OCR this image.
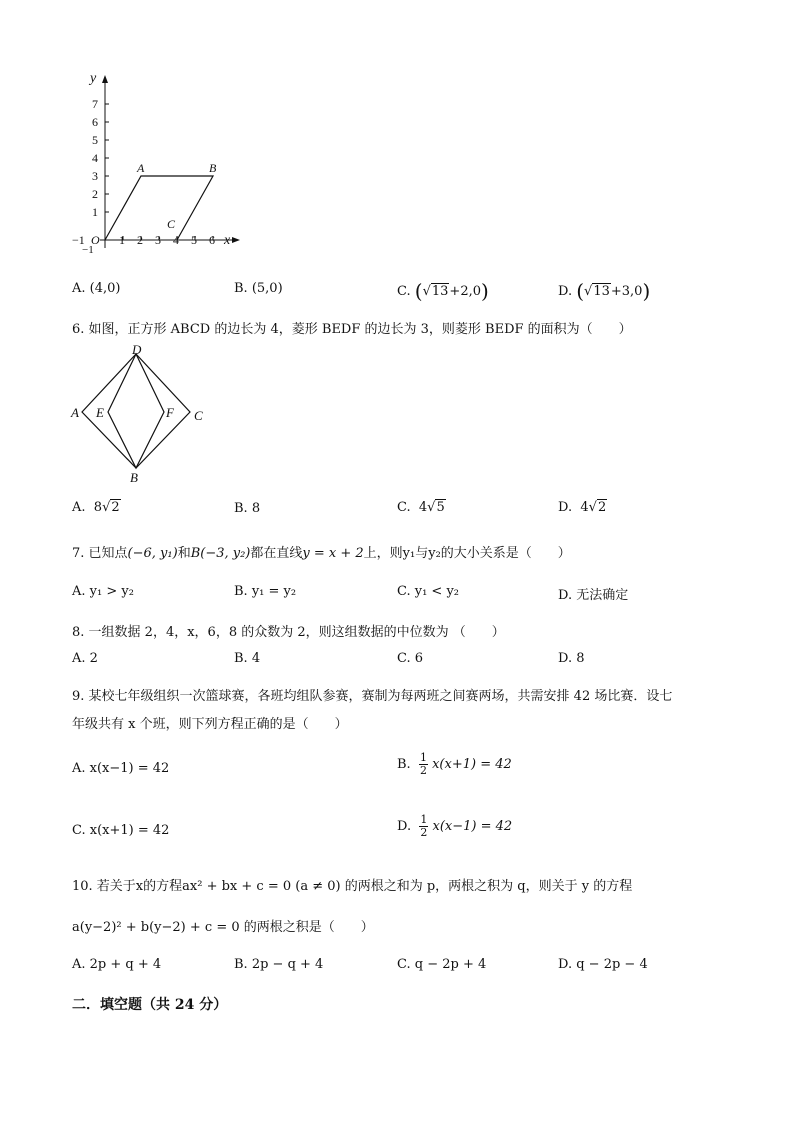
y
x
7
6
5
4
3
2
1
−1
−1 O 1 2 3 4 5 6
A	B
C
A. (4,0)	B. (5,0)	C. (√13+2,0)	D. (√13+3,0)
6. 如图，正方形 ABCD 的边长为 4，菱形 BEDF 的边长为 3，则菱形 BEDF 的面积为（　　）
D
A E	F C
B
A. 8√2	B. 8	C. 4√5	D. 4√2
7. 已知点(−6, y₁)和B(−3, y₂)都在直线y = x + 2上，则y₁与y₂的大小关系是（　　）
A. y₁ > y₂	B. y₁ = y₂	C. y₁ < y₂	D. 无法确定
8. 一组数据 2，4，x，6，8 的众数为 2，则这组数据的中位数为 （　　）
A. 2	B. 4	C. 6	D. 8
9. 某校七年级组织一次篮球赛，各班均组队参赛，赛制为每两班之间赛两场，共需安排 42 场比赛．设七
年级共有 x 个班，则下列方程正确的是（　　）
A. x(x−1) = 42	B. $\frac{1}{2} x(x+1) = 42$
C. x(x+1) = 42	D. $\frac{1}{2} x(x-1) = 42$
10. 若关于x的方程ax² + bx + c = 0 (a ≠ 0) 的两根之和为 p，两根之积为 q，则关于 y 的方程
a(y−2)² + b(y−2) + c = 0 的两根之积是（　　）
A. 2p + q + 4	B. 2p − q + 4	C. q − 2p + 4	D. q − 2p − 4
二．填空题（共 24 分）
